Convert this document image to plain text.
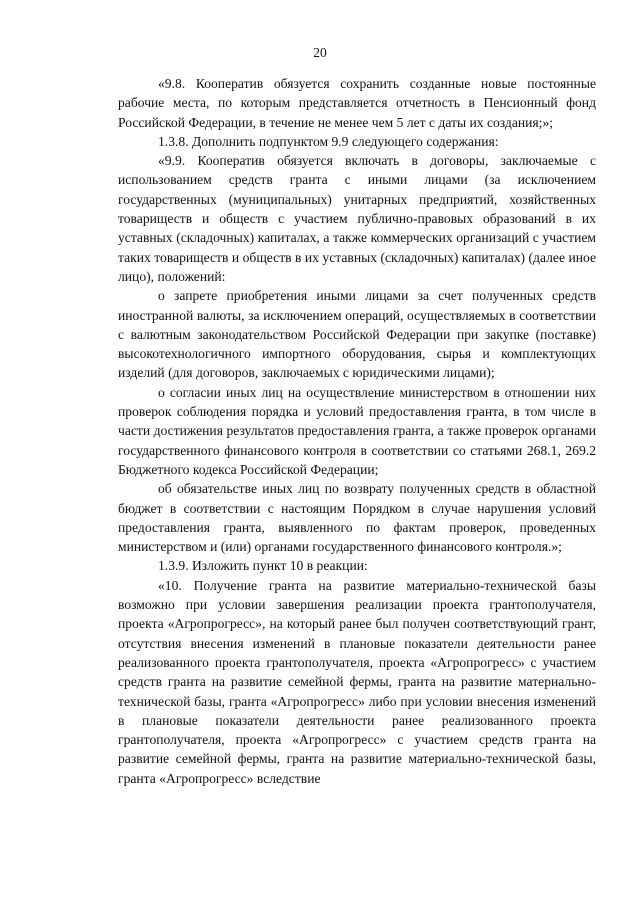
20

«9.8. Кооператив обязуется сохранить созданные новые постоянные рабочие места, по которым представляется отчетность в Пенсионный фонд Российской Федерации, в течение не менее чем 5 лет с даты их создания;»;

1.3.8. Дополнить подпунктом 9.9 следующего содержания:

«9.9. Кооператив обязуется включать в договоры, заключаемые с использованием средств гранта с иными лицами (за исключением государственных (муниципальных) унитарных предприятий, хозяйственных товариществ и обществ с участием публично-правовых образований в их уставных (складочных) капиталах, а также коммерческих организаций с участием таких товариществ и обществ в их уставных (складочных) капиталах) (далее иное лицо), положений:

о запрете приобретения иными лицами за счет полученных средств иностранной валюты, за исключением операций, осуществляемых в соответствии с валютным законодательством Российской Федерации при закупке (поставке) высокотехнологичного импортного оборудования, сырья и комплектующих изделий (для договоров, заключаемых с юридическими лицами);

о согласии иных лиц на осуществление министерством в отношении них проверок соблюдения порядка и условий предоставления гранта, в том числе в части достижения результатов предоставления гранта, а также проверок органами государственного финансового контроля в соответствии со статьями 268.1, 269.2 Бюджетного кодекса Российской Федерации;

об обязательстве иных лиц по возврату полученных средств в областной бюджет в соответствии с настоящим Порядком в случае нарушения условий предоставления гранта, выявленного по фактам проверок, проведенных министерством и (или) органами государственного финансового контроля.»;

1.3.9. Изложить пункт 10 в реакции:

«10. Получение гранта на развитие материально-технической базы возможно при условии завершения реализации проекта грантополучателя, проекта «Агропрогресс», на который ранее был получен соответствующий грант, отсутствия внесения изменений в плановые показатели деятельности ранее реализованного проекта грантополучателя, проекта «Агропрогресс» с участием средств гранта на развитие семейной фермы, гранта на развитие материально-технической базы, гранта «Агропрогресс» либо при условии внесения изменений в плановые показатели деятельности ранее реализованного проекта грантополучателя, проекта «Агропрогресс» с участием средств гранта на развитие семейной фермы, гранта на развитие материально-технической базы, гранта «Агропрогресс» вследствие
